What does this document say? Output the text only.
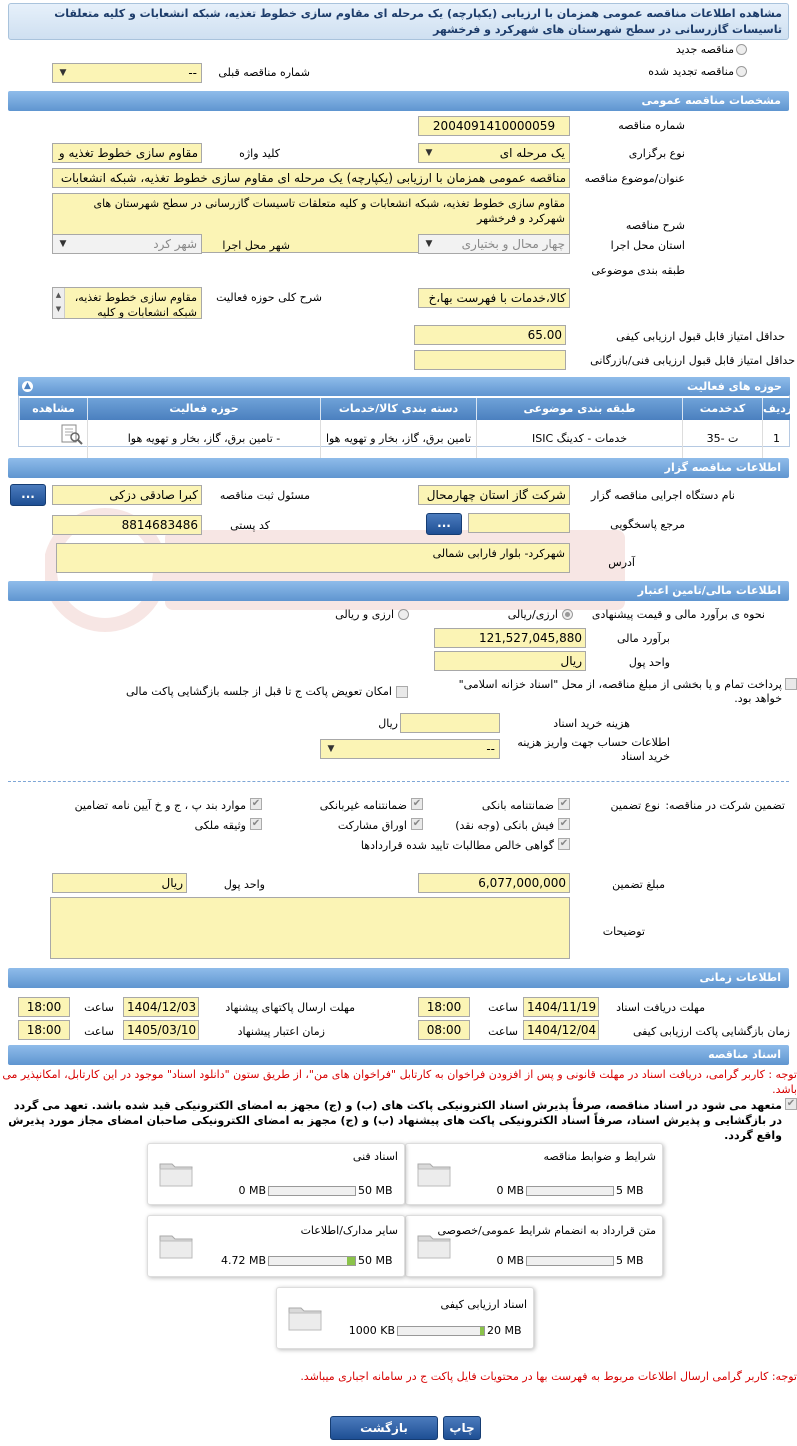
مشاهده اطلاعات مناقصه عمومی همزمان با ارزیابی (یکپارچه) یک مرحله ای مقاوم سازی خطوط تغذیه، شبکه انشعابات و کلیه متعلقات تاسیسات گازرسانی در سطح شهرستان های شهرکرد و فرخشهر
مناقصه جدید
مناقصه تجدید شده
شماره مناقصه قبلی
--
▼
مشخصات مناقصه عمومی
شماره مناقصه
2004091410000059
نوع برگزاری
یک مرحله ای
▼
کلید واژه
مقاوم سازی خطوط تغذیه و
عنوان/موضوع مناقصه
مناقصه عمومی همزمان با ارزیابی (یکپارچه) یک مرحله ای مقاوم سازی خطوط تغذیه، شبکه انشعابات
مقاوم سازی خطوط تغذیه، شبکه انشعابات و کلیه متعلقات تاسیسات گازرسانی در سطح شهرستان های شهرکرد و فرخشهر
شرح مناقصه
استان محل اجرا
چهار محال و بختیاری
▼
شهر محل اجرا
شهر کرد
▼
طبقه بندی موضوعی
کالا،خدمات با فهرست بها،خ
شرح کلی حوزه فعالیت
مقاوم سازی خطوط تغذیه، شبکه انشعابات و کلیه
▲
▼
حداقل امتیاز قابل قبول ارزیابی کیفی
65.00
حداقل امتیاز قابل قبول ارزیابی فنی/بازرگانی
حوزه های فعالیت
▲
ردیف
کدخدمت
طبقه بندی موضوعی
دسته بندی کالا/خدمات
حوزه فعالیت
مشاهده
1
ت -35
خدمات - کدینگ ISIC
تامین برق، گاز، بخار و تهویه هوا
- تامین برق، گاز، بخار و تهویه هوا
اطلاعات مناقصه گزار
نام دستگاه اجرایی مناقصه گزار
شرکت گاز استان چهارمحال
مسئول ثبت مناقصه
کبرا صادقی دزکی
...
مرجع پاسخگویی
...
کد پستی
8814683486
شهرکرد- بلوار فارابی شمالی
آدرس
اطلاعات مالی/تامین اعتبار
نحوه ی برآورد مالی و قیمت پیشنهادی
ارزی/ریالی
ارزی و ریالی
برآورد مالی
121,527,045,880
واحد پول
ریال
پرداخت تمام و یا بخشی از مبلغ مناقصه، از محل "اسناد خزانه اسلامی" خواهد بود.
امکان تعویض پاکت ج تا قبل از جلسه بازگشایی پاکت مالی
هزینه خرید اسناد
ریال
اطلاعات حساب جهت واریز هزینه خرید اسناد
--
▼
تضمین شرکت در مناقصه:
نوع تضمین
✔
ضمانتنامه بانکی
✔
ضمانتنامه غیربانکی
✔
موارد بند پ ، ج و خ آیین نامه تضامین
✔
فیش بانکی (وجه نقد)
✔
اوراق مشارکت
✔
وثیقه ملکی
✔
گواهی خالص مطالبات تایید شده قراردادها
مبلغ تضمین
6,077,000,000
واحد پول
ریال
توضیحات
اطلاعات زمانی
مهلت دریافت اسناد
1404/11/19
ساعت
18:00
مهلت ارسال پاکتهای پیشنهاد
1404/12/03
ساعت
18:00
زمان بازگشایی پاکت ارزیابی کیفی
1404/12/04
ساعت
08:00
زمان اعتبار پیشنهاد
1405/03/10
ساعت
18:00
اسناد مناقصه
توجه : کاربر گرامی، دریافت اسناد در مهلت قانونی و پس از افزودن فراخوان به کارتابل "فراخوان های من"، از طریق ستون "دانلود اسناد" موجود در این کارتابل، امکانپذیر می باشد.
✔
متعهد می شود در اسناد مناقصه، صرفاً پذیرش اسناد الکترونیکی پاکت های (ب) و (ج) مجهز به امضای الکترونیکی قید شده باشد. تعهد می گردد در بازگشایی و پذیرش اسناد، صرفاً اسناد الکترونیکی پاکت های پیشنهاد (ب) و (ج) مجهز به امضای الکترونیکی صاحبان امضای مجاز مورد پذیرش واقع گردد.
شرایط و ضوابط مناقصه
5 MB
0 MB
اسناد فنی
50 MB
0 MB
متن قرارداد به انضمام شرایط عمومی/خصوصی
5 MB
0 MB
سایر مدارک/اطلاعات
50 MB
4.72 MB
اسناد ارزیابی کیفی
20 MB
1000 KB
توجه: کاربر گرامی ارسال اطلاعات مربوط به فهرست بها در محتویات فایل پاکت ج در سامانه اجباری میباشد.
چاپ
بازگشت
